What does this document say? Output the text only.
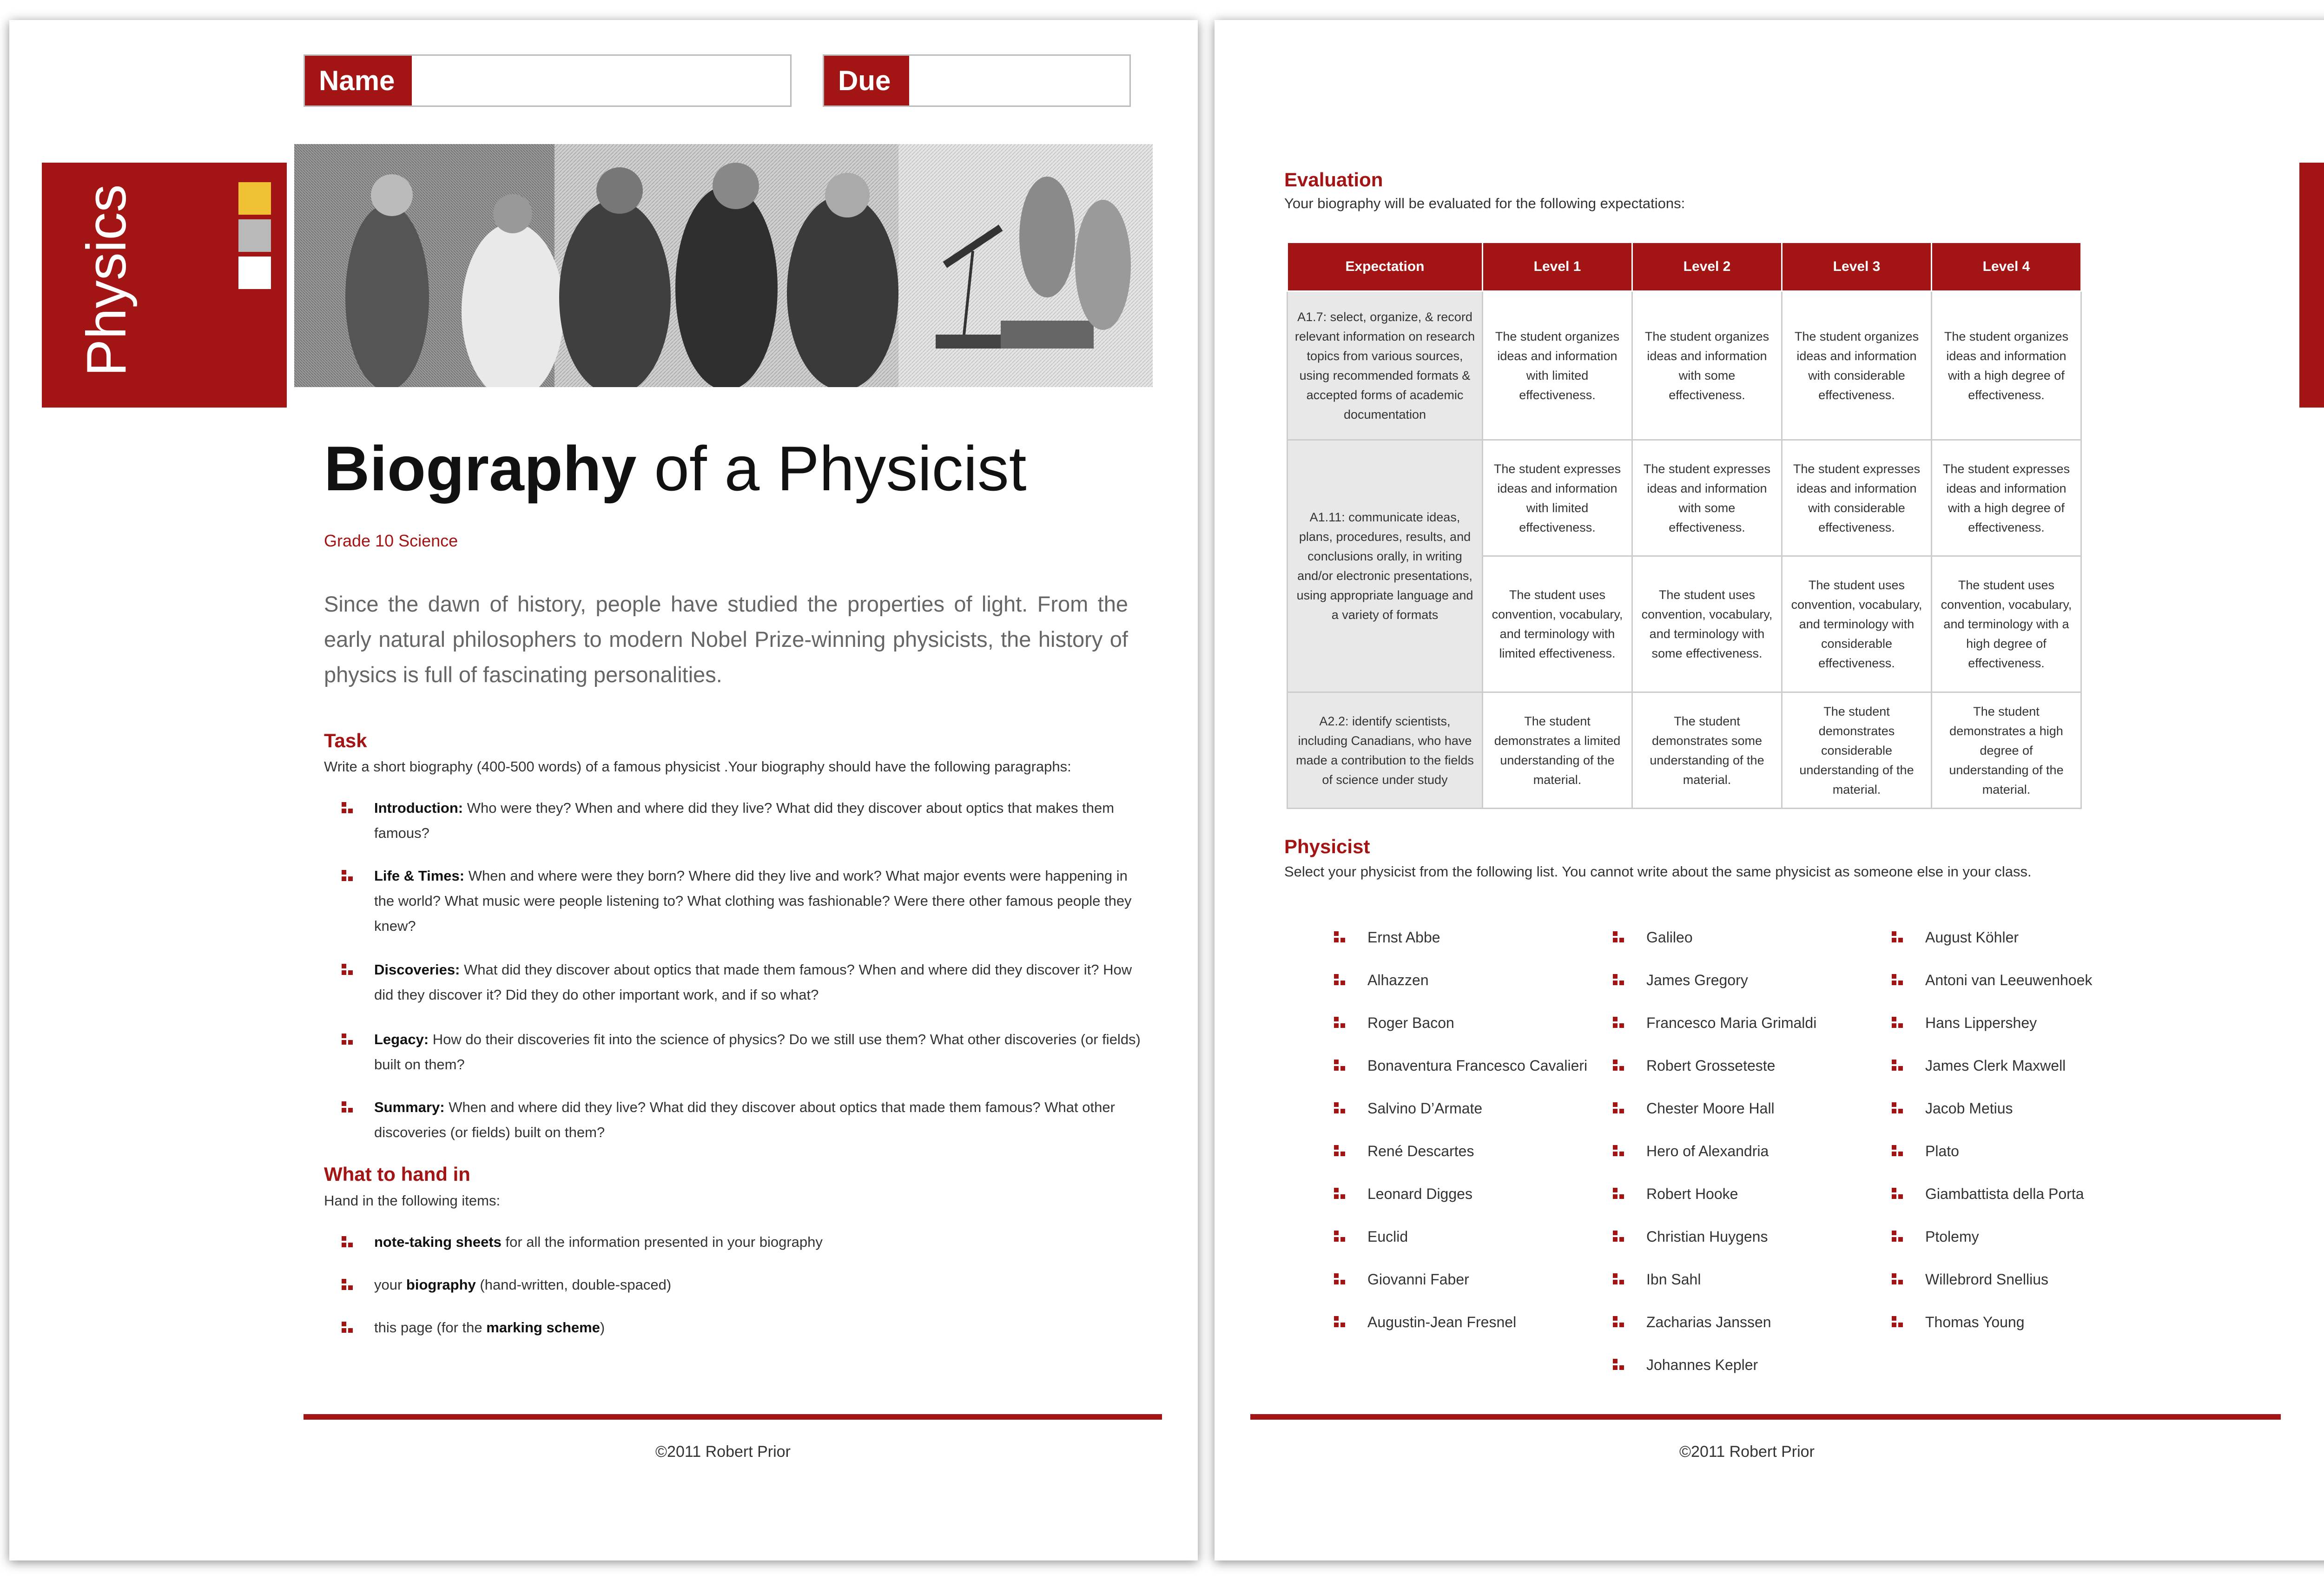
Name	Due
Physics
Biography of a Physicist
Grade 10 Science
Since the dawn of history, people have studied the properties of light. From the early natural philosophers to modern Nobel Prize-winning physicists, the history of physics is full of fascinating personalities.
Task
Write a short biography (400-500 words) of a famous physicist .Your biography should have the following paragraphs:
Introduction: Who were they? When and where did they live? What did they discover about optics that makes them famous?
Life & Times: When and where were they born? Where did they live and work? What major events were happening in the world? What music were people listening to? What clothing was fashionable? Were there other famous people they knew?
Discoveries: What did they discover about optics that made them famous? When and where did they discover it? How did they discover it? Did they do other important work, and if so what?
Legacy: How do their discoveries fit into the science of physics? Do we still use them? What other discoveries (or fields) built on them?
Summary: When and where did they live? What did they discover about optics that made them famous? What other discoveries (or fields) built on them?
What to hand in
Hand in the following items:
note-taking sheets for all the information presented in your biography
your biography (hand-written, double-spaced)
this page (for the marking scheme)
©2011 Robert Prior
Evaluation
Your biography will be evaluated for the following expectations:
Expectation	Level 1	Level 2	Level 3	Level 4
A1.7: select, organize, & record relevant information on research topics from various sources, using recommended formats & accepted forms of academic documentation	The student organizes ideas and information with limited effectiveness.	The student organizes ideas and information with some effectiveness.	The student organizes ideas and information with considerable effectiveness.	The student organizes ideas and information with a high degree of effectiveness.
A1.11: communicate ideas, plans, procedures, results, and conclusions orally, in writing and/or electronic presentations, using appropriate language and a variety of formats	The student expresses ideas and information with limited effectiveness.	The student expresses ideas and information with some effectiveness.	The student expresses ideas and information with considerable effectiveness.	The student expresses ideas and information with a high degree of effectiveness.
	The student uses convention, vocabulary, and terminology with limited effectiveness.	The student uses convention, vocabulary, and terminology with some effectiveness.	The student uses convention, vocabulary, and terminology with considerable effectiveness.	The student uses convention, vocabulary, and terminology with a high degree of effectiveness.
A2.2: identify scientists, including Canadians, who have made a contribution to the fields of science under study	The student demonstrates a limited understanding of the material.	The student demonstrates some understanding of the material.	The student demonstrates considerable understanding of the material.	The student demonstrates a high degree of understanding of the material.
Physicist
Select your physicist from the following list. You cannot write about the same physicist as someone else in your class.
Ernst Abbe
Alhazzen
Roger Bacon
Bonaventura Francesco Cavalieri
Salvino D’Armate
René Descartes
Leonard Digges
Euclid
Giovanni Faber
Augustin-Jean Fresnel
Galileo
James Gregory
Francesco Maria Grimaldi
Robert Grosseteste
Chester Moore Hall
Hero of Alexandria
Robert Hooke
Christian Huygens
Ibn Sahl
Zacharias Janssen
Johannes Kepler
August Köhler
Antoni van Leeuwenhoek
Hans Lippershey
James Clerk Maxwell
Jacob Metius
Plato
Giambattista della Porta
Ptolemy
Willebrord Snellius
Thomas Young
©2011 Robert Prior
